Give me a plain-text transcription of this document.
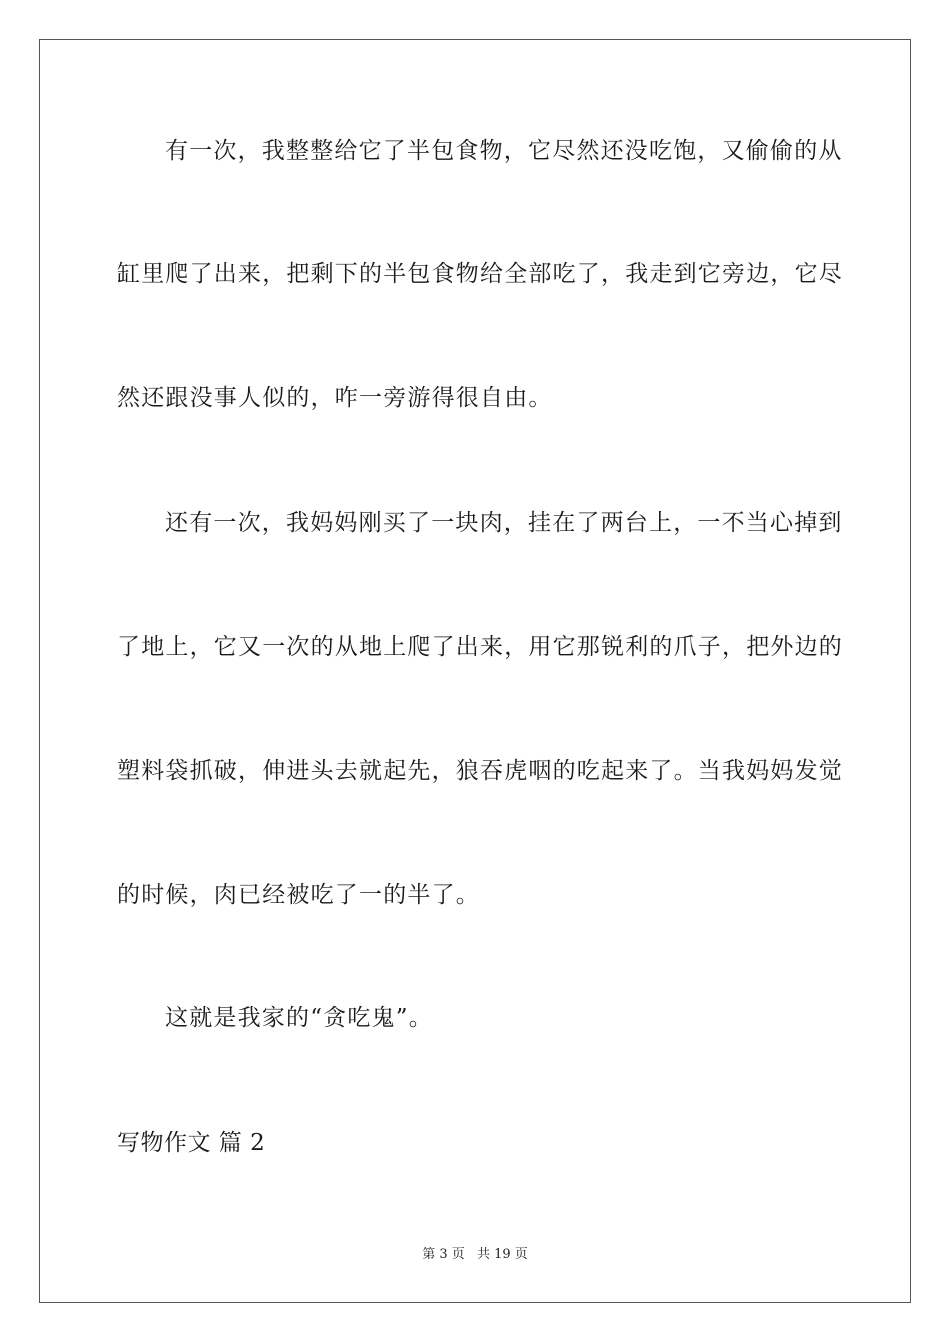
有一次，我整整给它了半包食物，它尽然还没吃饱，又偷偷的从
缸里爬了出来，把剩下的半包食物给全部吃了，我走到它旁边，它尽
然还跟没事人似的，咋一旁游得很自由。
还有一次，我妈妈刚买了一块肉，挂在了两台上，一不当心掉到
了地上，它又一次的从地上爬了出来，用它那锐利的爪子，把外边的
塑料袋抓破，伸进头去就起先，狼吞虎咽的吃起来了。当我妈妈发觉
的时候，肉已经被吃了一的半了。
这就是我家的“贪吃鬼”。
写物作文 篇 2
第 3 页 共 19 页
